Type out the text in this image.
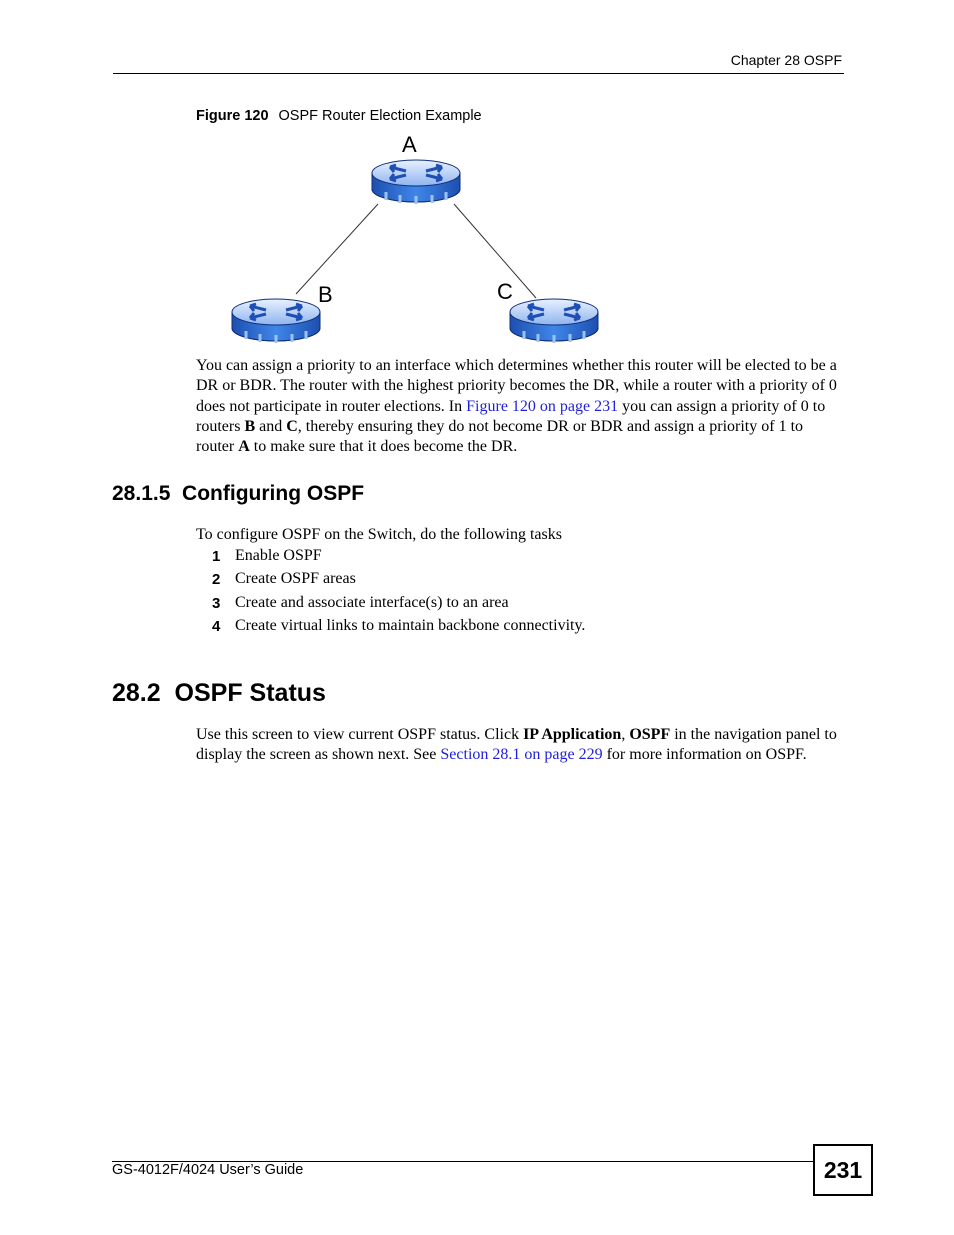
Chapter 28 OSPF
Figure 120 OSPF Router Election Example
A
B	C
You can assign a priority to an interface which determines whether this router will be elected to be a DR or BDR. The router with the highest priority becomes the DR, while a router with a priority of 0 does not participate in router elections. In Figure 120 on page 231 you can assign a priority of 0 to routers B and C, thereby ensuring they do not become DR or BDR and assign a priority of 1 to router A to make sure that it does become the DR.
28.1.5  Configuring OSPF
To configure OSPF on the Switch, do the following tasks
1 Enable OSPF
2 Create OSPF areas
3 Create and associate interface(s) to an area
4 Create virtual links to maintain backbone connectivity.
28.2  OSPF Status
Use this screen to view current OSPF status. Click IP Application, OSPF in the navigation panel to display the screen as shown next. See Section 28.1 on page 229 for more information on OSPF.
GS-4012F/4024 User’s Guide	231
